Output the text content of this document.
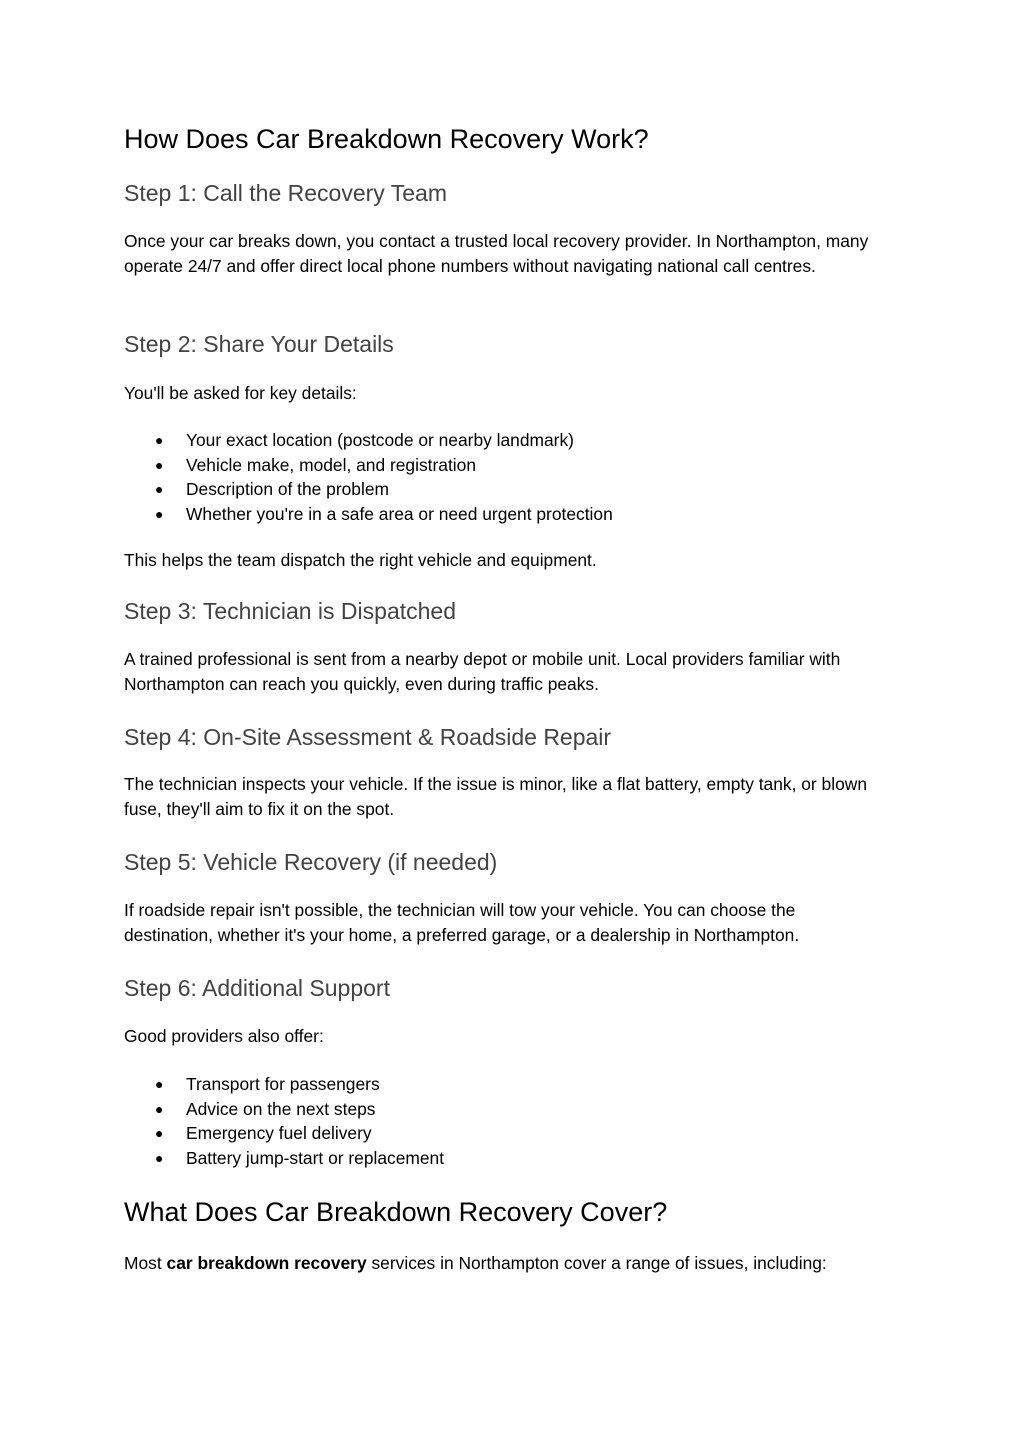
How Does Car Breakdown Recovery Work?
Step 1: Call the Recovery Team

Once your car breaks down, you contact a trusted local recovery provider. In Northampton, many operate 24/7 and offer direct local phone numbers without navigating national call centres.

Step 2: Share Your Details

You'll be asked for key details:

● Your exact location (postcode or nearby landmark)
● Vehicle make, model, and registration
● Description of the problem
● Whether you're in a safe area or need urgent protection

This helps the team dispatch the right vehicle and equipment.

Step 3: Technician is Dispatched

A trained professional is sent from a nearby depot or mobile unit. Local providers familiar with Northampton can reach you quickly, even during traffic peaks.

Step 4: On-Site Assessment & Roadside Repair

The technician inspects your vehicle. If the issue is minor, like a flat battery, empty tank, or blown fuse, they'll aim to fix it on the spot.

Step 5: Vehicle Recovery (if needed)

If roadside repair isn't possible, the technician will tow your vehicle. You can choose the destination, whether it's your home, a preferred garage, or a dealership in Northampton.

Step 6: Additional Support

Good providers also offer:

● Transport for passengers
● Advice on the next steps
● Emergency fuel delivery
● Battery jump-start or replacement
What Does Car Breakdown Recovery Cover?

Most car breakdown recovery services in Northampton cover a range of issues, including:
